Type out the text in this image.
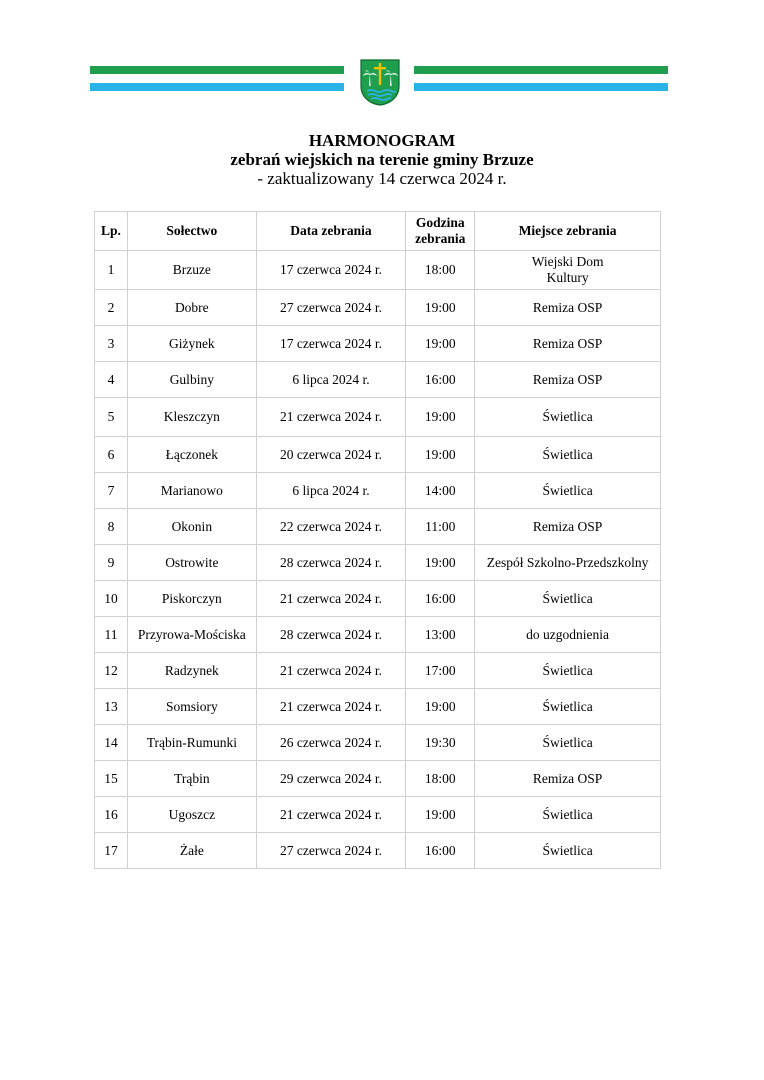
HARMONOGRAM
zebrań wiejskich na terenie gminy Brzuze
- zaktualizowany 14 czerwca 2024 r.
Lp.	Sołectwo	Data zebrania	Godzina zebrania	Miejsce zebrania
1	Brzuze	17 czerwca 2024 r.	18:00	Wiejski Dom Kultury
2	Dobre	27 czerwca 2024 r.	19:00	Remiza OSP
3	Giżynek	17 czerwca 2024 r.	19:00	Remiza OSP
4	Gulbiny	6 lipca 2024 r.	16:00	Remiza OSP
5	Kleszczyn	21 czerwca 2024 r.	19:00	Świetlica
6	Łączonek	20 czerwca 2024 r.	19:00	Świetlica
7	Marianowo	6 lipca 2024 r.	14:00	Świetlica
8	Okonin	22 czerwca 2024 r.	11:00	Remiza OSP
9	Ostrowite	28 czerwca 2024 r.	19:00	Zespół Szkolno-Przedszkolny
10	Piskorczyn	21 czerwca 2024 r.	16:00	Świetlica
11	Przyrowa-Mościska	28 czerwca 2024 r.	13:00	do uzgodnienia
12	Radzynek	21 czerwca 2024 r.	17:00	Świetlica
13	Somsiory	21 czerwca 2024 r.	19:00	Świetlica
14	Trąbin-Rumunki	26 czerwca 2024 r.	19:30	Świetlica
15	Trąbin	29 czerwca 2024 r.	18:00	Remiza OSP
16	Ugoszcz	21 czerwca 2024 r.	19:00	Świetlica
17	Żałe	27 czerwca 2024 r.	16:00	Świetlica
